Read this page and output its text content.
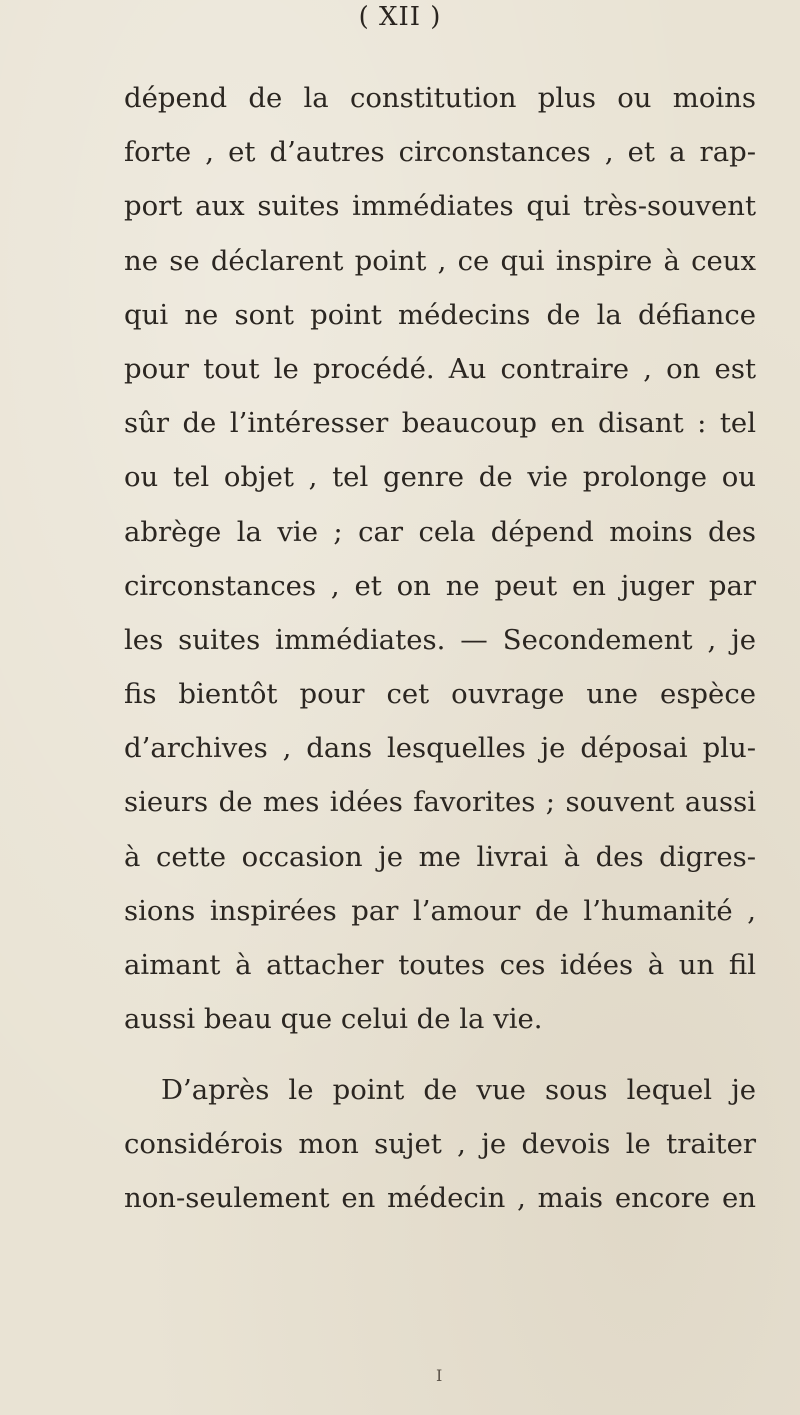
( XII )
dépend de la constitution plus ou moins
forte , et d’autres circonstances , et a rap-
port aux suites immédiates qui très-souvent
ne se déclarent point , ce qui inspire à ceux
qui ne sont point médecins de la défiance
pour tout le procédé. Au contraire , on est
sûr de l’intéresser beaucoup en disant : tel
ou tel objet , tel genre de vie prolonge ou
abrège la vie ; car cela dépend moins des
circonstances , et on ne peut en juger par
les suites immédiates. — Secondement , je
fis bientôt pour cet ouvrage une espèce
d’archives , dans lesquelles je déposai plu-
sieurs de mes idées favorites ; souvent aussi
à cette occasion je me livrai à des digres-
sions inspirées par l’amour de l’humanité ,
aimant à attacher toutes ces idées à un fil
aussi beau que celui de la vie.
D’après le point de vue sous lequel je
considérois mon sujet , je devois le traiter
non-seulement en médecin , mais encore en
I
